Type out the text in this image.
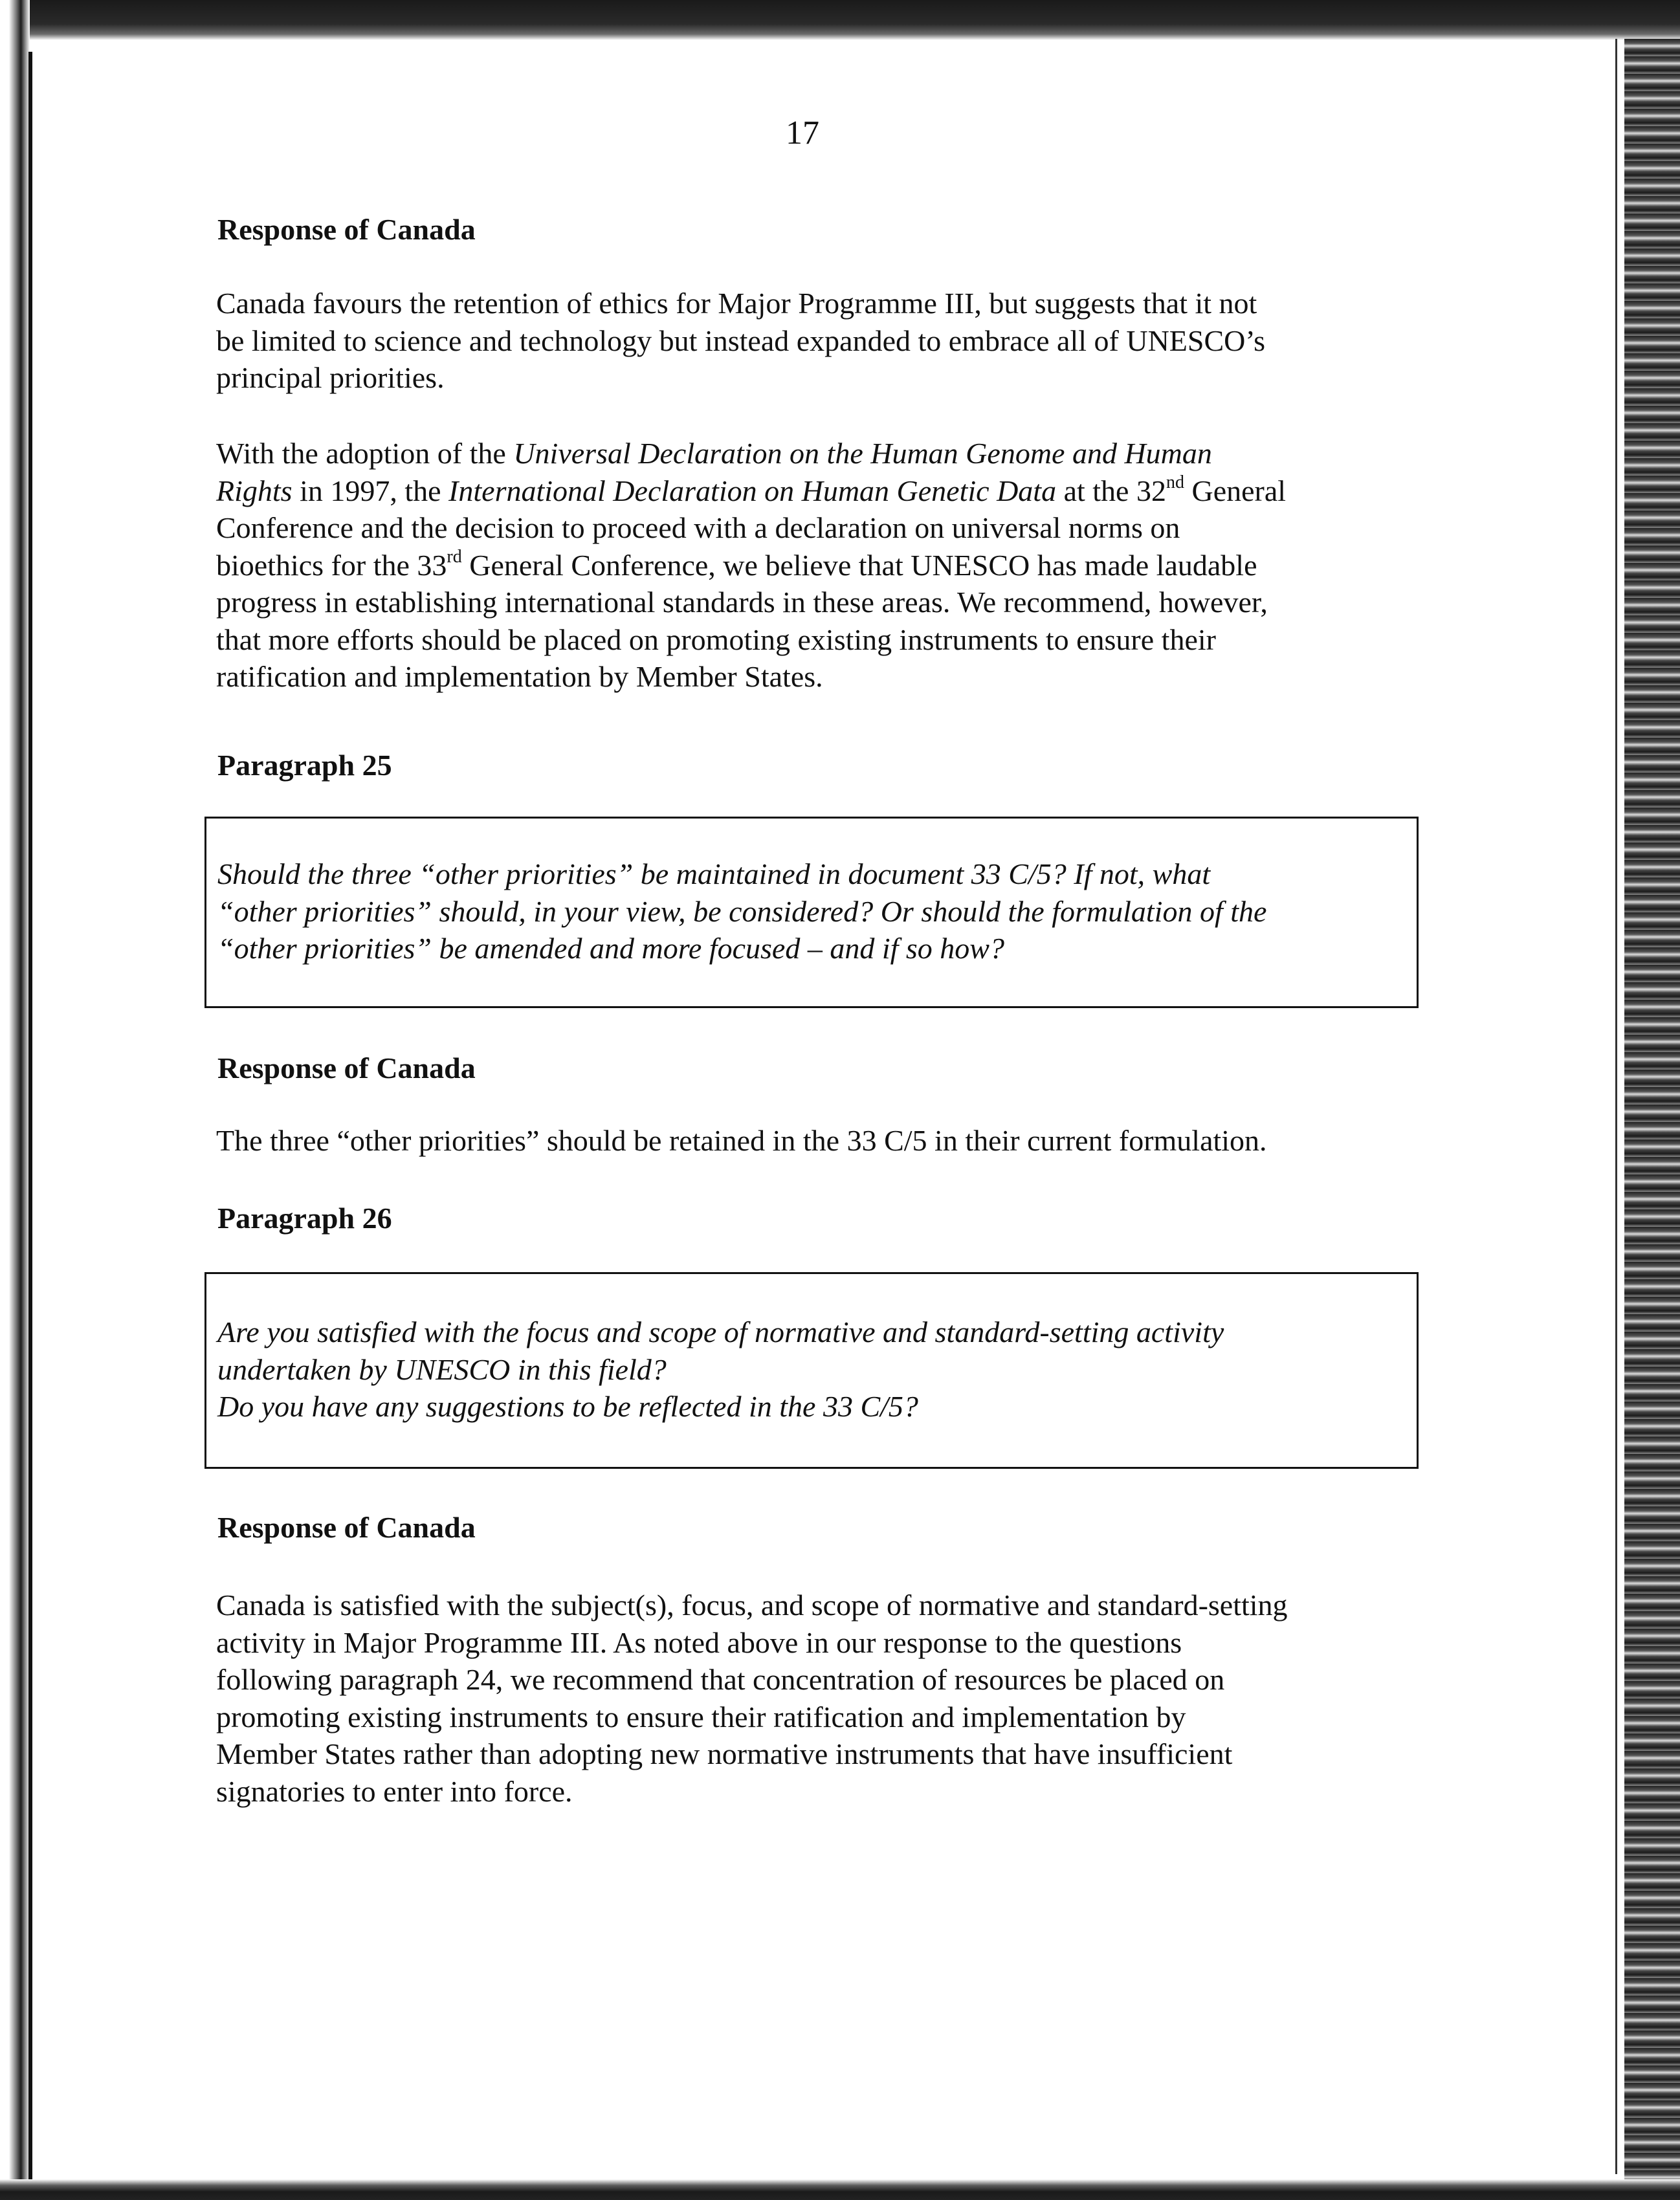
17
Response of Canada
Canada favours the retention of ethics for Major Programme III, but suggests that it not
be limited to science and technology but instead expanded to embrace all of UNESCO’s
principal priorities.
With the adoption of the Universal Declaration on the Human Genome and Human
Rights in 1997, the International Declaration on Human Genetic Data at the 32nd General
Conference and the decision to proceed with a declaration on universal norms on
bioethics for the 33rd General Conference, we believe that UNESCO has made laudable
progress in establishing international standards in these areas. We recommend, however,
that more efforts should be placed on promoting existing instruments to ensure their
ratification and implementation by Member States.
Paragraph 25
Should the three “other priorities” be maintained in document 33 C/5? If not, what
“other priorities” should, in your view, be considered? Or should the formulation of the
“other priorities” be amended and more focused – and if so how?
Response of Canada
The three “other priorities” should be retained in the 33 C/5 in their current formulation.
Paragraph 26
Are you satisfied with the focus and scope of normative and standard-setting activity
undertaken by UNESCO in this field?
Do you have any suggestions to be reflected in the 33 C/5?
Response of Canada
Canada is satisfied with the subject(s), focus, and scope of normative and standard-setting
activity in Major Programme III. As noted above in our response to the questions
following paragraph 24, we recommend that concentration of resources be placed on
promoting existing instruments to ensure their ratification and implementation by
Member States rather than adopting new normative instruments that have insufficient
signatories to enter into force.
